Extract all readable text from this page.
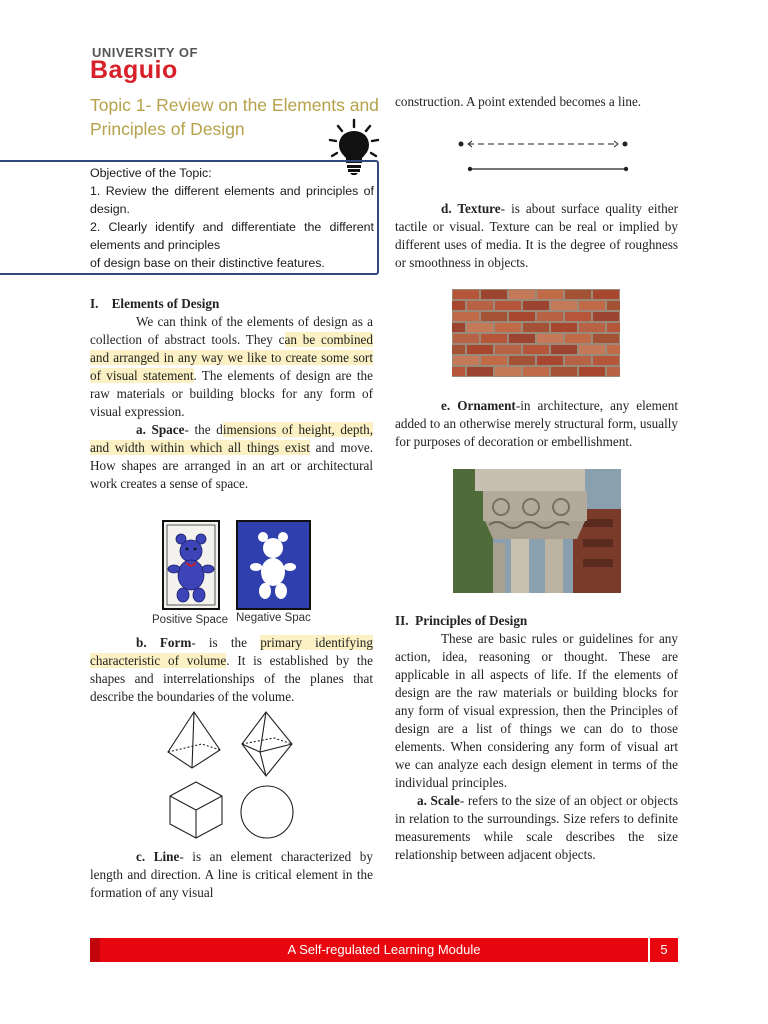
UNIVERSITY OF
Baguio
Topic 1- Review on the Elements and Principles of Design
Objective of the Topic:
1. Review the different elements and principles of design.
2. Clearly identify and differentiate the different elements and principles
of design base on their distinctive features.

I. Elements of Design

We can think of the elements of design as a collection of abstract tools. They can be combined and arranged in any way we like to create some sort of visual statement. The elements of design are the raw materials or building blocks for any form of visual expression.

a. Space- the dimensions of height, depth, and width within which all things exist and move. How shapes are arranged in an art or architectural work creates a sense of space.

Positive Space Negative Spac

b. Form- is the primary identifying characteristic of volume. It is established by the shapes and interrelationships of the planes that describe the boundaries of the volume.

c. Line- is an element characterized by length and direction. A line is critical element in the formation of any visual

construction. A point extended becomes a line.

d. Texture- is about surface quality either tactile or visual. Texture can be real or implied by different uses of media. It is the degree of roughness or smoothness in objects.

e. Ornament-in architecture, any element added to an otherwise merely structural form, usually for purposes of decoration or embellishment.

II. Principles of Design

These are basic rules or guidelines for any action, idea, reasoning or thought. These are applicable in all aspects of life. If the elements of design are the raw materials or building blocks for any form of visual expression, then the Principles of design are a list of things we can do to those elements. When considering any form of visual art we can analyze each design element in terms of the individual principles.

a. Scale- refers to the size of an object or objects in relation to the surroundings. Size refers to definite measurements while scale describes the size relationship between adjacent objects.

A Self-regulated Learning Module	5
